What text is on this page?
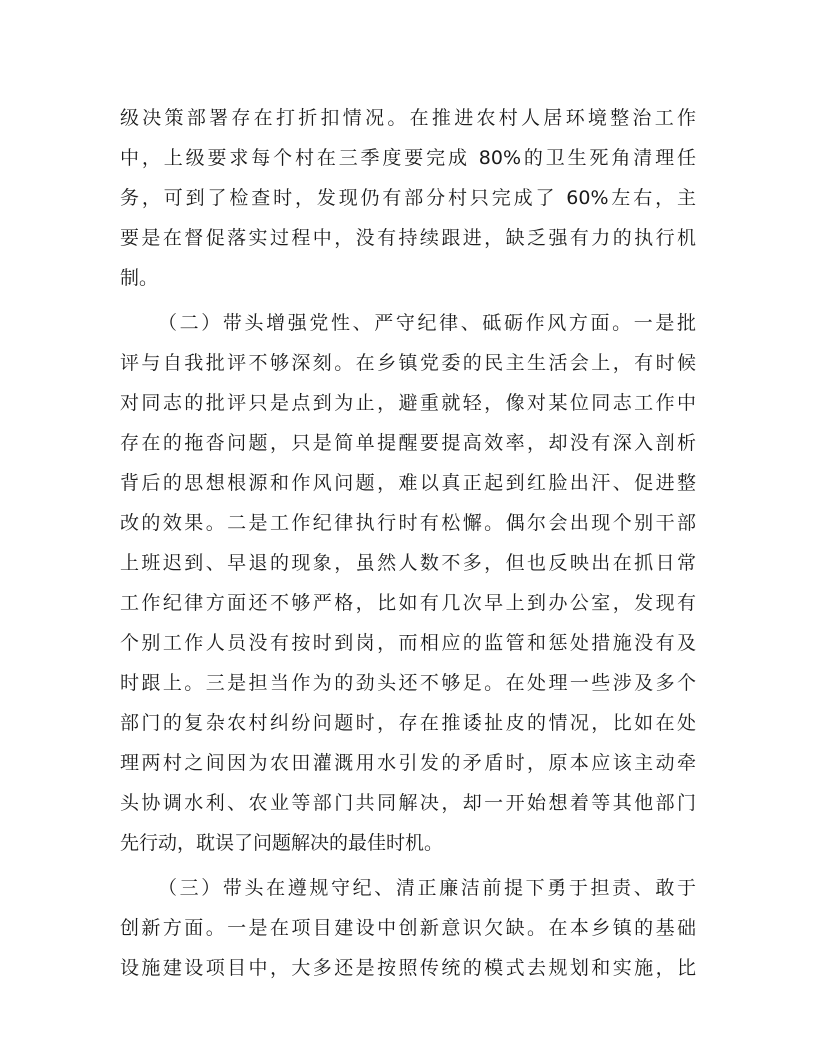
级决策部署存在打折扣情况。在推进农村人居环境整治工作
中，上级要求每个村在三季度要完成 80%的卫生死角清理任
务，可到了检查时，发现仍有部分村只完成了 60%左右，主
要是在督促落实过程中，没有持续跟进，缺乏强有力的执行机
制。
（二）带头增强党性、严守纪律、砥砺作风方面。一是批
评与自我批评不够深刻。在乡镇党委的民主生活会上，有时候
对同志的批评只是点到为止，避重就轻，像对某位同志工作中
存在的拖沓问题，只是简单提醒要提高效率，却没有深入剖析
背后的思想根源和作风问题，难以真正起到红脸出汗、促进整
改的效果。二是工作纪律执行时有松懈。偶尔会出现个别干部
上班迟到、早退的现象，虽然人数不多，但也反映出在抓日常
工作纪律方面还不够严格，比如有几次早上到办公室，发现有
个别工作人员没有按时到岗，而相应的监管和惩处措施没有及
时跟上。三是担当作为的劲头还不够足。在处理一些涉及多个
部门的复杂农村纠纷问题时，存在推诿扯皮的情况，比如在处
理两村之间因为农田灌溉用水引发的矛盾时，原本应该主动牵
头协调水利、农业等部门共同解决，却一开始想着等其他部门
先行动，耽误了问题解决的最佳时机。
（三）带头在遵规守纪、清正廉洁前提下勇于担责、敢于
创新方面。一是在项目建设中创新意识欠缺。在本乡镇的基础
设施建设项目中，大多还是按照传统的模式去规划和实施，比
